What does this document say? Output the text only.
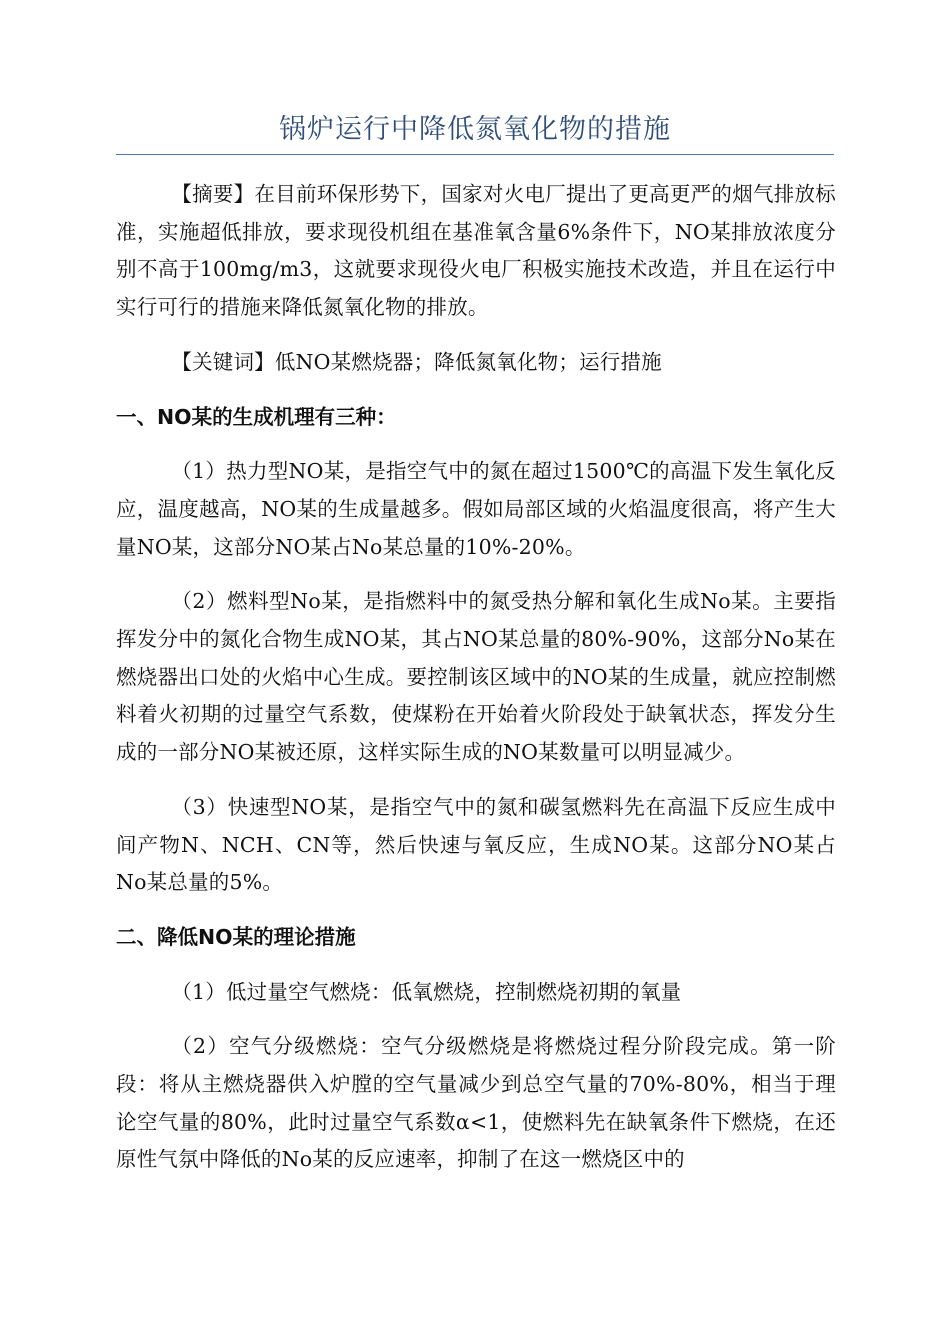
锅炉运行中降低氮氧化物的措施

【摘要】在目前环保形势下，国家对火电厂提出了更高更严的烟气排放标准，实施超低排放，要求现役机组在基准氧含量6%条件下，NO某排放浓度分别不高于100mg/m3，这就要求现役火电厂积极实施技术改造，并且在运行中实行可行的措施来降低氮氧化物的排放。

【关键词】低NO某燃烧器；降低氮氧化物；运行措施

一、NO某的生成机理有三种：

（1）热力型NO某，是指空气中的氮在超过1500℃的高温下发生氧化反应，温度越高，NO某的生成量越多。假如局部区域的火焰温度很高，将产生大量NO某，这部分NO某占No某总量的10%-20%。

（2）燃料型No某，是指燃料中的氮受热分解和氧化生成No某。主要指挥发分中的氮化合物生成NO某，其占NO某总量的80%-90%，这部分No某在燃烧器出口处的火焰中心生成。要控制该区域中的NO某的生成量，就应控制燃料着火初期的过量空气系数，使煤粉在开始着火阶段处于缺氧状态，挥发分生成的一部分NO某被还原，这样实际生成的NO某数量可以明显减少。

（3）快速型NO某，是指空气中的氮和碳氢燃料先在高温下反应生成中间产物N、NCH、CN等，然后快速与氧反应，生成NO某。这部分NO某占No某总量的5%。

二、降低NO某的理论措施

（1）低过量空气燃烧：低氧燃烧，控制燃烧初期的氧量

（2）空气分级燃烧：空气分级燃烧是将燃烧过程分阶段完成。第一阶段：将从主燃烧器供入炉膛的空气量减少到总空气量的70%-80%，相当于理论空气量的80%，此时过量空气系数α<1，使燃料先在缺氧条件下燃烧，在还原性气氛中降低的No某的反应速率，抑制了在这一燃烧区中的
